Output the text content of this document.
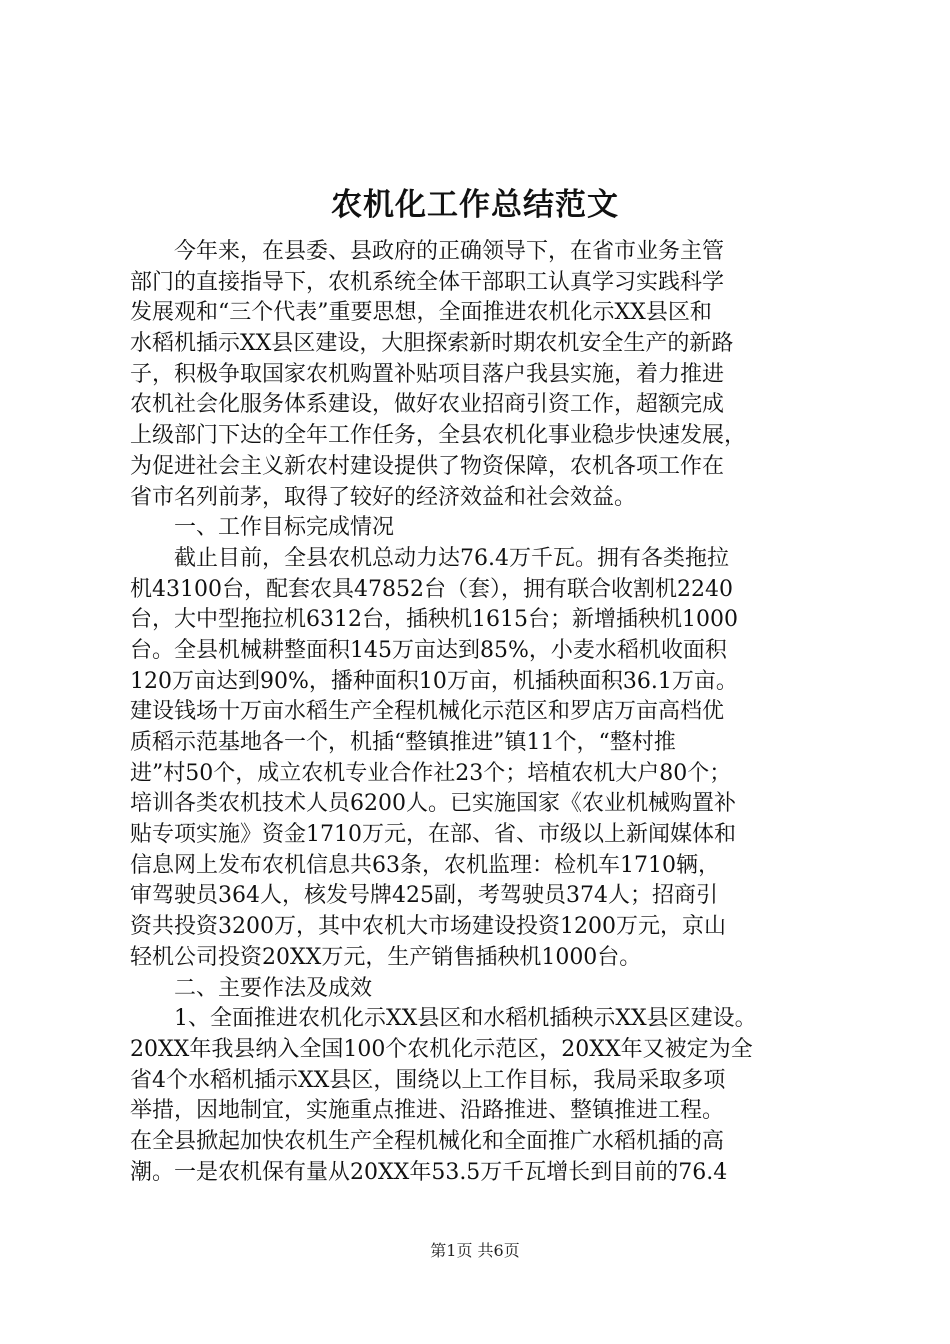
农机化工作总结范文
今年来，在县委、县政府的正确领导下，在省市业务主管
部门的直接指导下，农机系统全体干部职工认真学习实践科学
发展观和“三个代表”重要思想，全面推进农机化示XX县区和
水稻机插示XX县区建设，大胆探索新时期农机安全生产的新路
子，积极争取国家农机购置补贴项目落户我县实施，着力推进
农机社会化服务体系建设，做好农业招商引资工作，超额完成
上级部门下达的全年工作任务，全县农机化事业稳步快速发展，
为促进社会主义新农村建设提供了物资保障，农机各项工作在
省市名列前茅，取得了较好的经济效益和社会效益。
一、工作目标完成情况
截止目前，全县农机总动力达76.4万千瓦。拥有各类拖拉
机43100台，配套农具47852台（套），拥有联合收割机2240
台，大中型拖拉机6312台，插秧机1615台；新增插秧机1000
台。全县机械耕整面积145万亩达到85%，小麦水稻机收面积
120万亩达到90%，播种面积10万亩，机插秧面积36.1万亩。
建设钱场十万亩水稻生产全程机械化示范区和罗店万亩高档优
质稻示范基地各一个，机插“整镇推进”镇11个，“整村推
进”村50个，成立农机专业合作社23个；培植农机大户80个；
培训各类农机技术人员6200人。已实施国家《农业机械购置补
贴专项实施》资金1710万元，在部、省、市级以上新闻媒体和
信息网上发布农机信息共63条，农机监理：检机车1710辆，
审驾驶员364人，核发号牌425副，考驾驶员374人；招商引
资共投资3200万，其中农机大市场建设投资1200万元，京山
轻机公司投资20XX万元，生产销售插秧机1000台。
二、主要作法及成效
1、全面推进农机化示XX县区和水稻机插秧示XX县区建设。
20XX年我县纳入全国100个农机化示范区，20XX年又被定为全
省4个水稻机插示XX县区，围绕以上工作目标，我局采取多项
举措，因地制宜，实施重点推进、沿路推进、整镇推进工程。
在全县掀起加快农机生产全程机械化和全面推广水稻机插的高
潮。一是农机保有量从20XX年53.5万千瓦增长到目前的76.4
第1页 共6页
